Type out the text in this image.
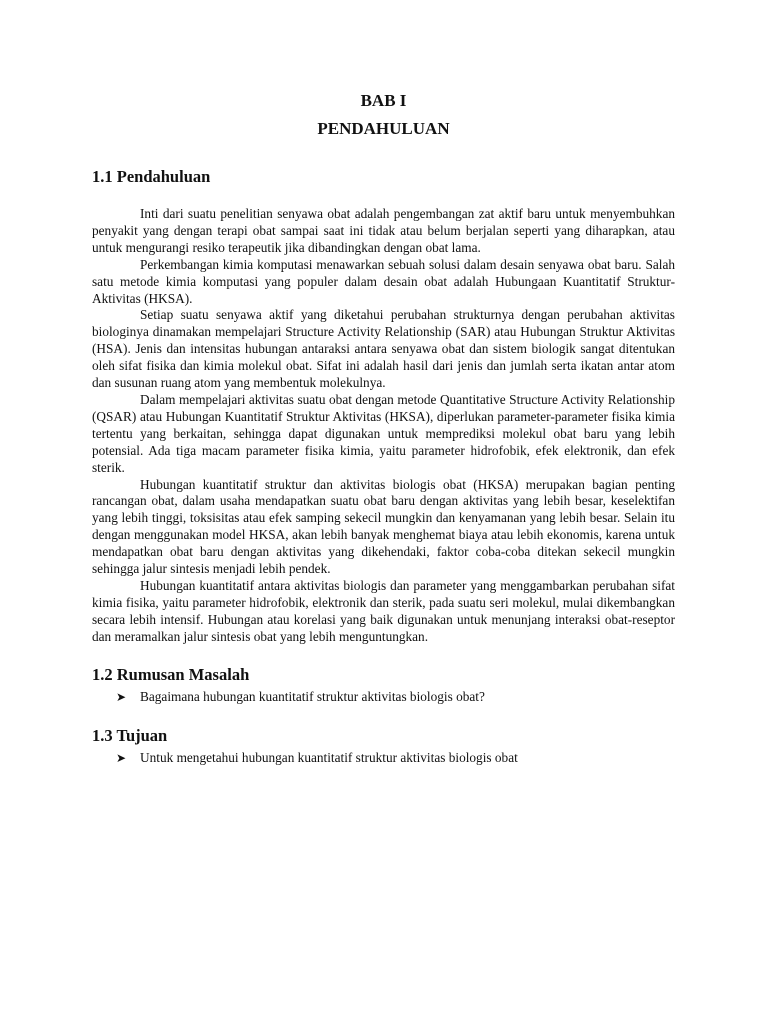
BAB I
PENDAHULUAN
1.1 Pendahuluan

Inti dari suatu penelitian senyawa obat adalah pengembangan zat aktif baru untuk menyembuhkan penyakit yang dengan terapi obat sampai saat ini tidak atau belum berjalan seperti yang diharapkan, atau untuk mengurangi resiko terapeutik jika dibandingkan dengan obat lama.

Perkembangan kimia komputasi menawarkan sebuah solusi dalam desain senyawa obat baru. Salah satu metode kimia komputasi yang populer dalam desain obat adalah Hubungaan Kuantitatif Struktur-Aktivitas (HKSA).

Setiap suatu senyawa aktif yang diketahui perubahan strukturnya dengan perubahan aktivitas biologinya dinamakan mempelajari Structure Activity Relationship (SAR) atau Hubungan Struktur Aktivitas (HSA). Jenis dan intensitas hubungan antaraksi antara senyawa obat dan sistem biologik sangat ditentukan oleh sifat fisika dan kimia molekul obat. Sifat ini adalah hasil dari jenis dan jumlah serta ikatan antar atom dan susunan ruang atom yang membentuk molekulnya.

Dalam mempelajari aktivitas suatu obat dengan metode Quantitative Structure Activity Relationship (QSAR) atau Hubungan Kuantitatif Struktur Aktivitas (HKSA), diperlukan parameter-parameter fisika kimia tertentu yang berkaitan, sehingga dapat digunakan untuk memprediksi molekul obat baru yang lebih potensial. Ada tiga macam parameter fisika kimia, yaitu parameter hidrofobik, efek elektronik, dan efek sterik.

Hubungan kuantitatif struktur dan aktivitas biologis obat (HKSA) merupakan bagian penting rancangan obat, dalam usaha mendapatkan suatu obat baru dengan aktivitas yang lebih besar, keselektifan yang lebih tinggi, toksisitas atau efek samping sekecil mungkin dan kenyamanan yang lebih besar. Selain itu dengan menggunakan model HKSA, akan lebih banyak menghemat biaya atau lebih ekonomis, karena untuk mendapatkan obat baru dengan aktivitas yang dikehendaki, faktor coba-coba ditekan sekecil mungkin sehingga jalur sintesis menjadi lebih pendek.

Hubungan kuantitatif antara aktivitas biologis dan parameter yang menggambarkan perubahan sifat kimia fisika, yaitu parameter hidrofobik, elektronik dan sterik, pada suatu seri molekul, mulai dikembangkan secara lebih intensif. Hubungan atau korelasi yang baik digunakan untuk menunjang interaksi obat-reseptor dan meramalkan jalur sintesis obat yang lebih menguntungkan.

1.2 Rumusan Masalah
➤ Bagaimana hubungan kuantitatif struktur aktivitas biologis obat?
1.3 Tujuan
➤ Untuk mengetahui hubungan kuantitatif struktur aktivitas biologis obat
